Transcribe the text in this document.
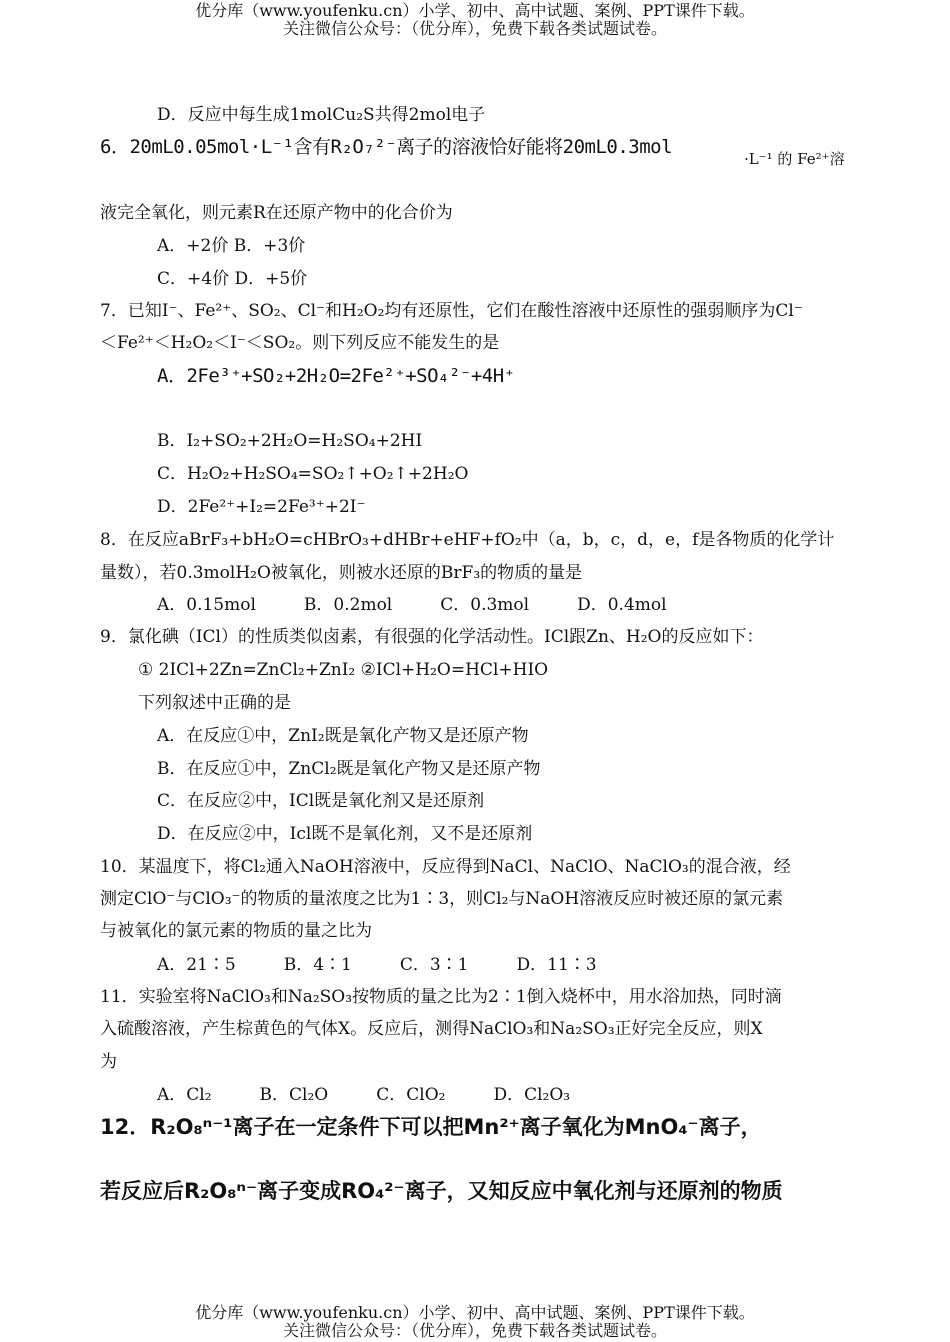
优分库（www.youfenku.cn）小学、初中、高中试题、案例、PPT课件下载。
关注微信公众号：（优分库），免费下载各类试题试卷。
D．反应中每生成1molCu₂S共得2mol电子
6．20mL0.05mol·L⁻¹含有R₂O₇²⁻离子的溶液恰好能将20mL0.3mol
·L⁻¹ 的 Fe²⁺溶
液完全氧化，则元素R在还原产物中的化合价为
A．+2价 B．+3价
C．+4价 D．+5价
7．已知I⁻、Fe²⁺、SO₂、Cl⁻和H₂O₂均有还原性，它们在酸性溶液中还原性的强弱顺序为Cl⁻
＜Fe²⁺＜H₂O₂＜I⁻＜SO₂。则下列反应不能发生的是
A．2Fe³⁺+SO₂+2H₂O=2Fe²⁺+SO₄²⁻+4H⁺
B．I₂+SO₂+2H₂O=H₂SO₄+2HI
C．H₂O₂+H₂SO₄=SO₂↑+O₂↑+2H₂O
D．2Fe²⁺+I₂=2Fe³⁺+2I⁻
8．在反应aBrF₃+bH₂O=cHBrO₃+dHBr+eHF+fO₂中（a，b，c，d，e，f是各物质的化学计
量数），若0.3molH₂O被氧化，则被水还原的BrF₃的物质的量是
A．0.15mol	B．0.2mol	C．0.3mol	D．0.4mol
9．氯化碘（ICl）的性质类似卤素，有很强的化学活动性。ICl跟Zn、H₂O的反应如下：
① 2ICl+2Zn=ZnCl₂+ZnI₂ ②ICl+H₂O=HCl+HIO
下列叙述中正确的是
A．在反应①中，ZnI₂既是氧化产物又是还原产物
B．在反应①中，ZnCl₂既是氧化产物又是还原产物
C．在反应②中，ICl既是氧化剂又是还原剂
D．在反应②中，Icl既不是氧化剂，又不是还原剂
10．某温度下，将Cl₂通入NaOH溶液中，反应得到NaCl、NaClO、NaClO₃的混合液，经
测定ClO⁻与ClO₃⁻的物质的量浓度之比为1∶3，则Cl₂与NaOH溶液反应时被还原的氯元素
与被氧化的氯元素的物质的量之比为
A．21∶5	B．4∶1	C．3∶1	D．11∶3
11．实验室将NaClO₃和Na₂SO₃按物质的量之比为2∶1倒入烧杯中，用水浴加热，同时滴
入硫酸溶液，产生棕黄色的气体X。反应后，测得NaClO₃和Na₂SO₃正好完全反应，则X
为
A．Cl₂	B．Cl₂O	C．ClO₂	D．Cl₂O₃
12．R₂O₈ⁿ⁻¹离子在一定条件下可以把Mn²⁺离子氧化为MnO₄⁻离子，
若反应后R₂O₈ⁿ⁻离子变成RO₄²⁻离子，又知反应中氧化剂与还原剂的物质
优分库（www.youfenku.cn）小学、初中、高中试题、案例、PPT课件下载。
关注微信公众号：（优分库），免费下载各类试题试卷。
